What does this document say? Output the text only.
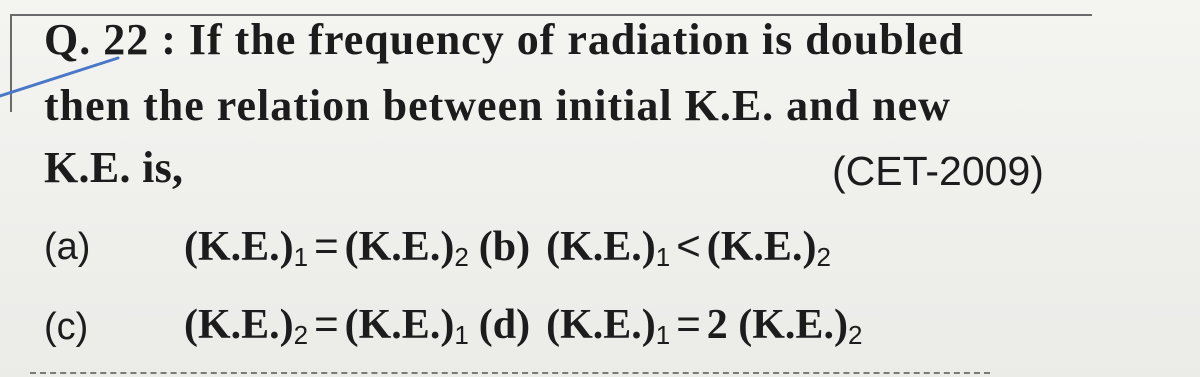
Q. 22 : If the frequency of radiation is doubled
then the relation between initial K.E. and new
K.E. is,	(CET-2009)
(a) $(K.E.)_1 = (K.E.)_2$ (b) $(K.E.)_1 < (K.E.)_2$
(c) $(K.E.)_2 = (K.E.)_1$ (d) $(K.E.)_1 = 2$ $(K.E.)_2$
